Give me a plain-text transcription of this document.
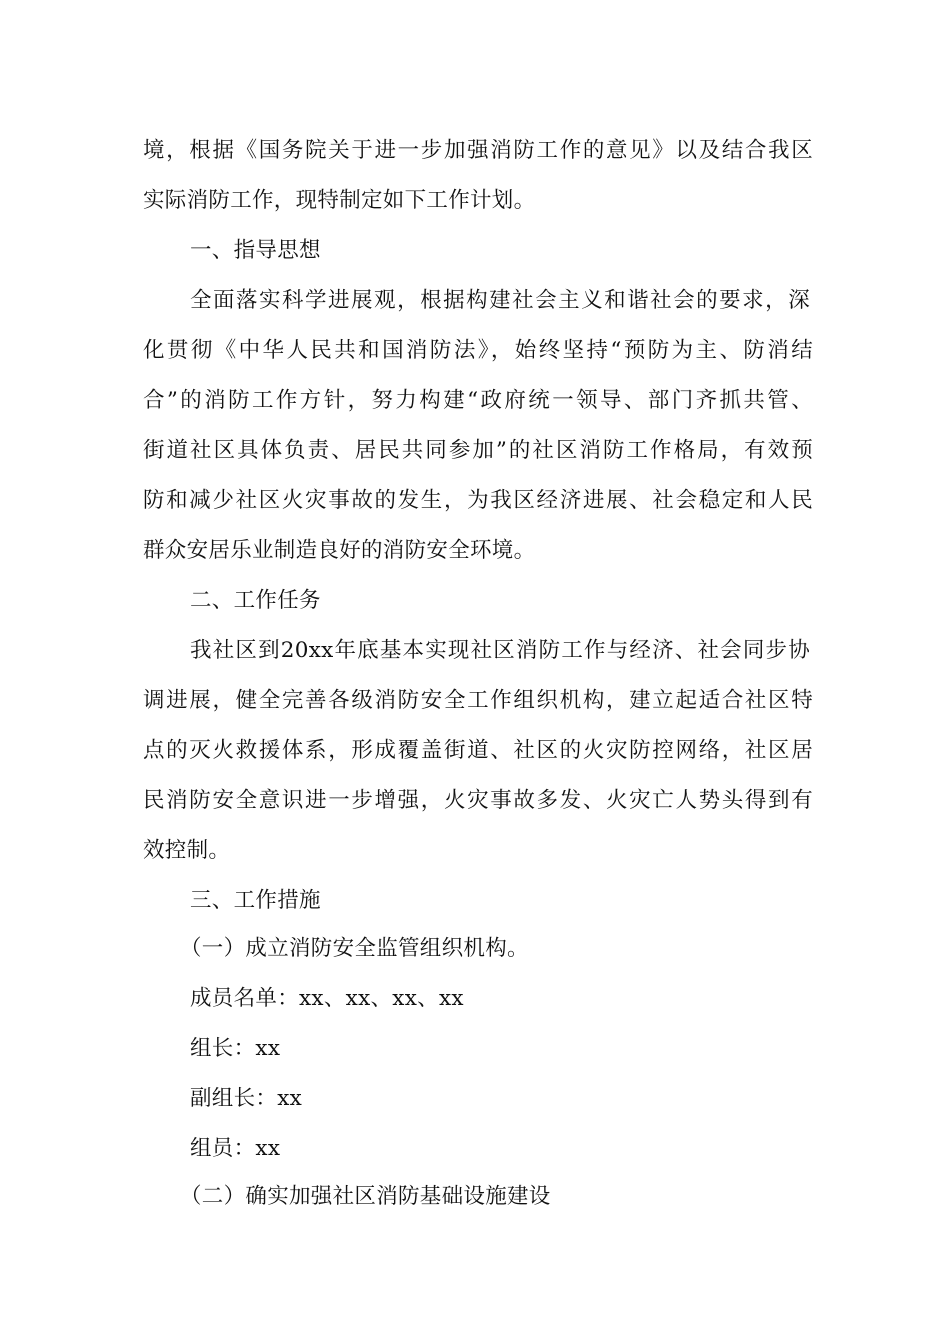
境，根据《国务院关于进一步加强消防工作的意见》以及结合我区
实际消防工作，现特制定如下工作计划。
一、指导思想
全面落实科学进展观，根据构建社会主义和谐社会的要求，深
化贯彻《中华人民共和国消防法》，始终坚持“预防为主、防消结
合”的消防工作方针，努力构建“政府统一领导、部门齐抓共管、
街道社区具体负责、居民共同参加”的社区消防工作格局，有效预
防和减少社区火灾事故的发生，为我区经济进展、社会稳定和人民
群众安居乐业制造良好的消防安全环境。
二、工作任务
我社区到20xx年底基本实现社区消防工作与经济、社会同步协
调进展，健全完善各级消防安全工作组织机构，建立起适合社区特
点的灭火救援体系，形成覆盖街道、社区的火灾防控网络，社区居
民消防安全意识进一步增强，火灾事故多发、火灾亡人势头得到有
效控制。
三、工作措施
（一）成立消防安全监管组织机构。
成员名单：xx、xx、xx、xx
组长：xx
副组长：xx
组员：xx
（二）确实加强社区消防基础设施建设
